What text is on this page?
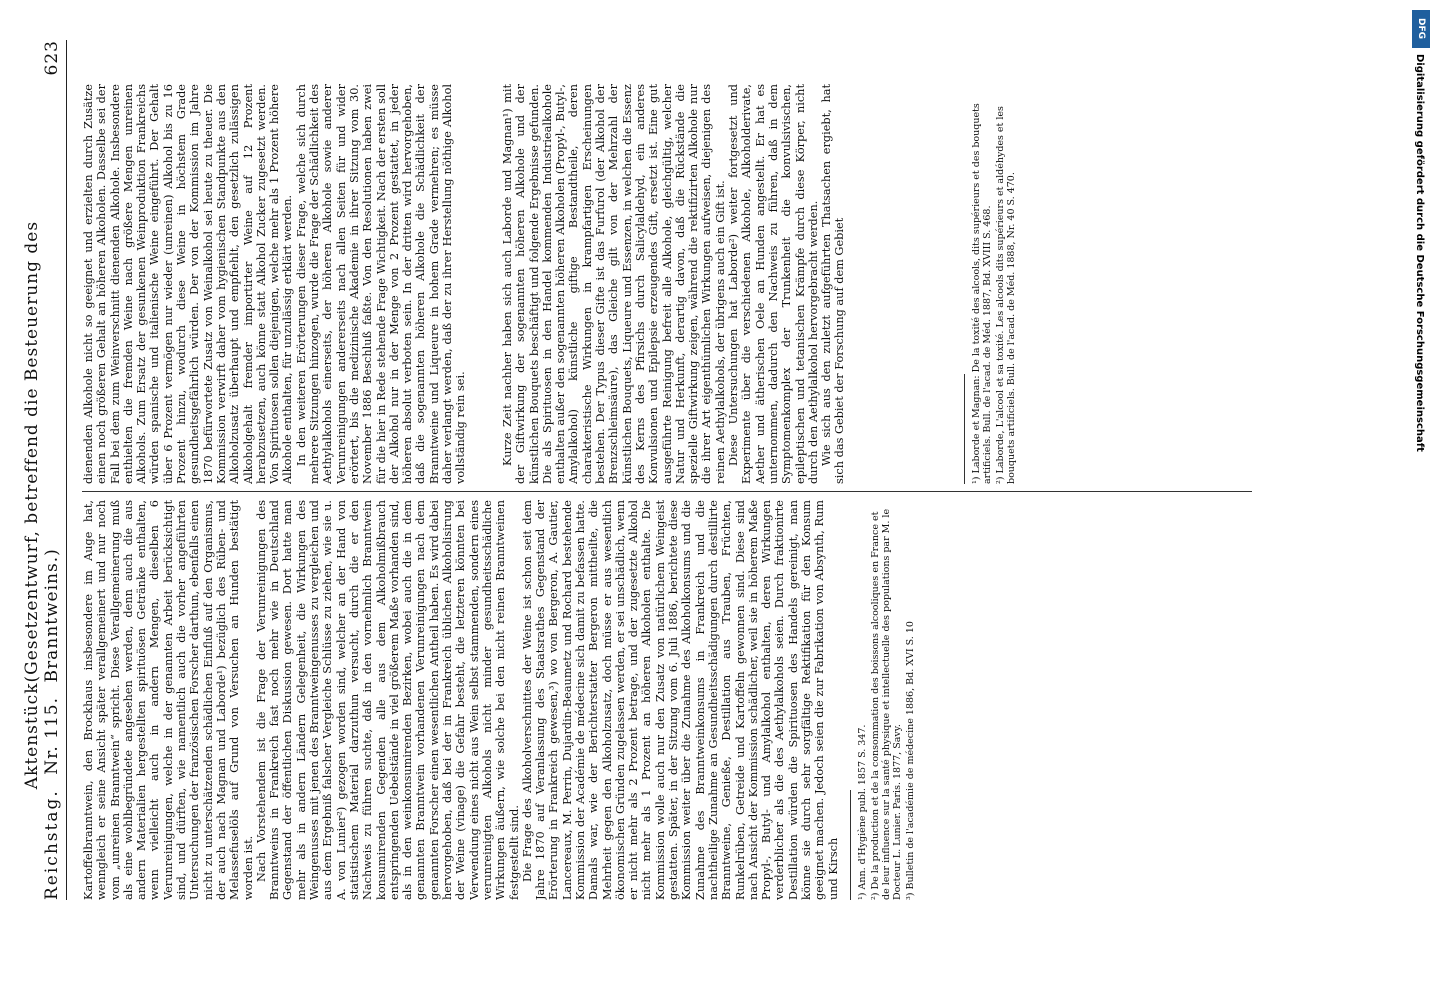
Reichstag.
Aktenstück Nr. 115.
(Gesetzentwurf, betreffend die Besteuerung des Branntweins.)
623

Kartoffelbranntwein, den Brockhaus insbesondere im Auge hat, wenngleich er seine Ansicht später verallgemeinert und nur noch vom „unreinen Branntwein“ spricht. Diese Verallgemeinerung muß als eine wohlbegründete angesehen werden, denn auch die aus andern Materialien hergestellten spirituösen Getränke enthalten, wenn vielleicht auch in andern Mengen, dieselben 6 Verunreinigungen, welche in der genannten Arbeit berücksichtigt sind, und dürften, wie namentlich auch die vorher angeführten Untersuchungen der französischen Forscher darthun, ebenfalls einen nicht zu unterschätzenden schädlichen Einfluß auf den Organismus, der auch nach Magnan und Laborde¹) bezüglich des Rüben- und Melassefuselöls auf Grund von Versuchen an Hunden bestätigt worden ist. Nach Vorstehendem ist die Frage der Verunreinigungen des Branntweins in Frankreich fast noch mehr wie in Deutschland Gegenstand der öffentlichen Diskussion gewesen. Dort hatte man mehr als in andern Ländern Gelegenheit, die Wirkungen des Weingenusses mit jenen des Branntweingenusses zu vergleichen und aus dem Ergebniß falscher Vergleiche Schlüsse zu ziehen, wie sie u. A. von Lunier²) gezogen worden sind, welcher an der Hand von statistischem Material darzuthun versucht, durch die er den Nachweis zu führen suchte, daß in den vornehmlich Branntwein konsumirenden Gegenden alle aus dem Alkoholmißbrauch entspringenden Uebelstände in viel größerem Maße vorhanden sind, als in den weinkonsumirenden Bezirken, wobei auch die in dem genannten Branntwein vorhandenen Verunreinigungen nach dem genannten Forscher einen wesentlichen Antheil haben. Es wird dabei hervorgehoben, daß bei der in Frankreich üblichen Alkoholisirung der Weine (vinage) die Gefahr besteht, die letzteren könnten bei Verwendung eines nicht aus Wein selbst stammenden, sondern eines verunreinigten Alkohols nicht minder gesundheitsschädliche Wirkungen äußern, wie solche bei den nicht reinen Branntweinen festgestellt sind. Die Frage des Alkoholverschnittes der Weine ist schon seit dem Jahre 1870 auf Veranlassung des Staatsrathes Gegenstand der Erörterung in Frankreich gewesen,³) wo von Bergeron, A. Gautier, Lancereaux, M. Perrin, Dujardin-Beaumetz und Rochard bestehende Kommission der Académie de médecine sich damit zu befassen hatte. Damals war, wie der Berichterstatter Bergeron mittheilte, die Mehrheit gegen den Alkoholzusatz, doch müsse er aus wesentlich ökonomischen Gründen zugelassen werden, er sei unschädlich, wenn er nicht mehr als 2 Prozent betrage, und der zugesetzte Alkohol nicht mehr als 1 Prozent an höheren Alkoholen enthalte. Die Kommission wolle auch nur den Zusatz von natürlichem Weingeist gestatten. Später, in der Sitzung vom 6. Juli 1886, berichtete diese Kommission weiter über die Zunahme des Alkoholkonsums und die Zunahme des Branntweinkonsums in Frankreich und die nachtheilige Zunahme an Gesundheitsschädigungen durch destillirte Branntweine, Genieße, Destillation aus Trauben, Früchten, Runkelrüben, Getreide und Kartoffeln gewonnen sind. Diese sind nach Ansicht der Kommission schädlicher, weil sie in höherem Maße Propyl-, Butyl- und Amylalkohol enthalten, deren Wirkungen verderblicher als die des Aethylalkohols seien. Durch fraktionirte Destillation würden die Spirituosen des Handels gereinigt, man könne sie durch sehr sorgfältige Rektifikation für den Konsum geeignet machen. Jedoch seien die zur Fabrikation von Absynth, Rum und Kirsch ¹) Ann. d'Hygiène publ. 1857 S. 347. ²) De la production et de la consommation des boissons alcooliques en France et de leur influence sur la santé physique et intellectuelle des populations par M. le Docteur L. Lunier. Paris. 1877, Savy. ³) Bulletin de l'académie de médecine 1886, Bd. XVI S. 10

dienenden Alkohole nicht so geeignet und erzielten durch Zusätze einen noch größeren Gehalt an höheren Alkoholen. Dasselbe sei der Fall bei dem zum Weinverschnitt dienenden Alkohole. Insbesondere enthielten die fremden Weine nach größere Mengen unreinen Alkohols. Zum Ersatz der gesunkenen Weinproduktion Frankreichs würden spanische und italienische Weine eingeführt. Der Gehalt über 6 Prozent vermögen nur wieder (unreinen) Alkohol bis zu 16 Prozent hinzu, wodurch diese Weine in höchstem Grade gesundheitsgefährlich würden. Der von der Kommission im Jahre 1870 befürwortete Zusatz von Weinalkohol sei heute zu theuer. Die Kommission verwirft daher vom hygienischen Standpunkte aus den Alkoholzusatz überhaupt und empfiehlt, den gesetzlich zulässigen Alkoholgehalt fremder importirter Weine auf 12 Prozent herabzusetzen, auch könne statt Alkohol Zucker zugesetzt werden. Von Spirituosen sollen diejenigen, welche mehr als 1 Prozent höhere Alkohole enthalten, für unzulässig erklärt werden. In den weiteren Erörterungen dieser Frage, welche sich durch mehrere Sitzungen hinzogen, wurde die Frage der Schädlichkeit des Aethylalkohols einerseits, der höheren Alkohole sowie anderer Verunreinigungen andererseits nach allen Seiten für und wider erörtert, bis die medizinische Akademie in ihrer Sitzung vom 30. November 1886 Beschluß faßte. Von den Resolutionen haben zwei für die hier in Rede stehende Frage Wichtigkeit. Nach der ersten soll der Alkohol nur in der Menge von 2 Prozent gestattet, in jeder höheren absolut verboten sein. In der dritten wird hervorgehoben, daß die sogenannten höheren Alkohole die Schädlichkeit der Branntweine und Liqueure in hohem Grade vermehren; es müsse daher verlangt werden, daß der zu ihrer Herstellung nöthige Alkohol vollständig rein sei.	Kurze Zeit nachher haben sich auch Laborde und Magnan¹) mit der Giftwirkung der sogenannten höheren Alkohole und der künstlichen Bouquets beschäftigt und folgende Ergebnisse gefunden. Die als Spirituosen in den Handel kommenden Industriealkohole enthalten außer den sogenannten höheren Alkoholen (Propyl-, Butyl-, Amylalkohol) künstliche giftige Bestandtheile, deren charakteristische Wirkungen in krampfartigen Erscheinungen bestehen. Der Typus dieser Gifte ist das Furfurol (der Alkohol der Brenzschleimsäure), das Gleiche gilt von der Mehrzahl der künstlichen Bouquets, Liqueure und Essenzen, in welchen die Essenz des Kerns des Pfirsichs durch Salicylaldehyd, ein anderes Konvulsionen und Epilepsie erzeugendes Gift, ersetzt ist. Eine gut ausgeführte Reinigung befreit alle Alkohole, gleichgültig, welcher Natur und Herkunft, derartig davon, daß die Rückstände die spezielle Giftwirkung zeigen, während die rektifizirten Alkohole nur die ihrer Art eigenthümlichen Wirkungen aufweisen, diejenigen des reinen Aethylalkohols, der übrigens auch ein Gift ist. Diese Untersuchungen hat Laborde²) weiter fortgesetzt und Experimente über die verschiedenen Alkohole, Alkoholderivate, Aether und ätherischen Oele an Hunden angestellt. Er hat es unternommen, dadurch den Nachweis zu führen, daß in dem Symptomenkomplex der Trunkenheit die konvulsivischen, epileptischen und tetanischen Krämpfe durch diese Körper, nicht durch den Aethylalkohol hervorgebracht werden. Wie sich aus den zuletzt aufgeführten Thatsachen ergiebt, hat sich das Gebiet der Forschung auf dem Gebiet	¹) Laborde et Magnan: De la toxité des alcools, dits supérieurs et des bouquets artificiels. Bull. de l'acad. de Méd. 1887, Bd. XVIII S. 468. ²) Laborde, L'alcool et sa toxité. Les alcools dits supérieurs et aldéhydes et les bouquets artificiels. Bull. de l'acad. de Méd. 1888, Nr. 40 S. 470.

DFG
Digitalisierung gefördert durch die Deutsche Forschungsgemeinschaft
